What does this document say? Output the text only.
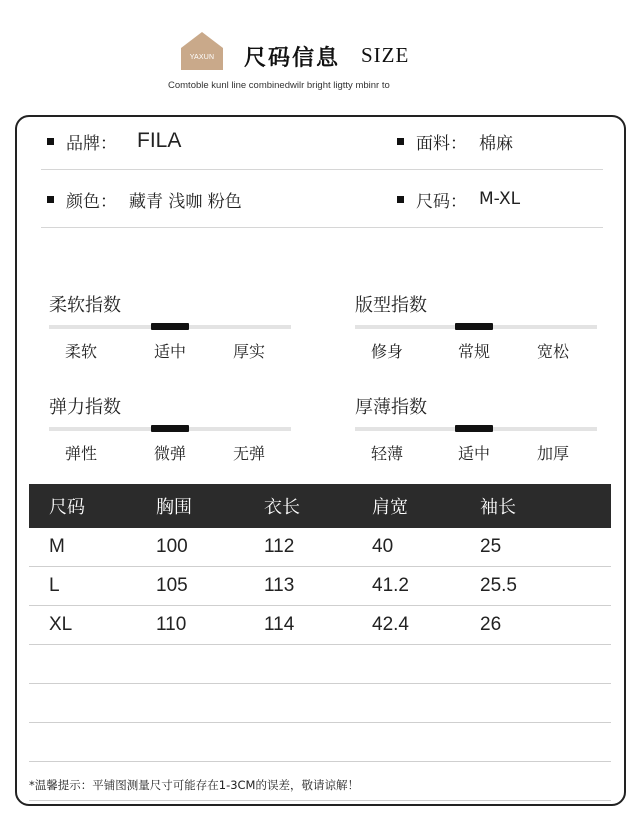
YAXUN	尺码信息 SIZE
Comtoble kunl line combinedwilr bright ligtty mbinr to
品牌： FILA	面料： 棉麻
颜色： 藏青 浅咖 粉色	尺码： M-XL
柔软指数
柔软	适中	厚实
版型指数
修身	常规	宽松
弹力指数
弹性	微弹	无弹
厚薄指数
轻薄	适中	加厚
尺码	胸围	衣长	肩宽	袖长
M	100	112	40	25
L	105	113	41.2	25.5
XL	110	114	42.4	26
*温馨提示：平铺图测量尺寸可能存在1-3CM的误差，敬请谅解！
